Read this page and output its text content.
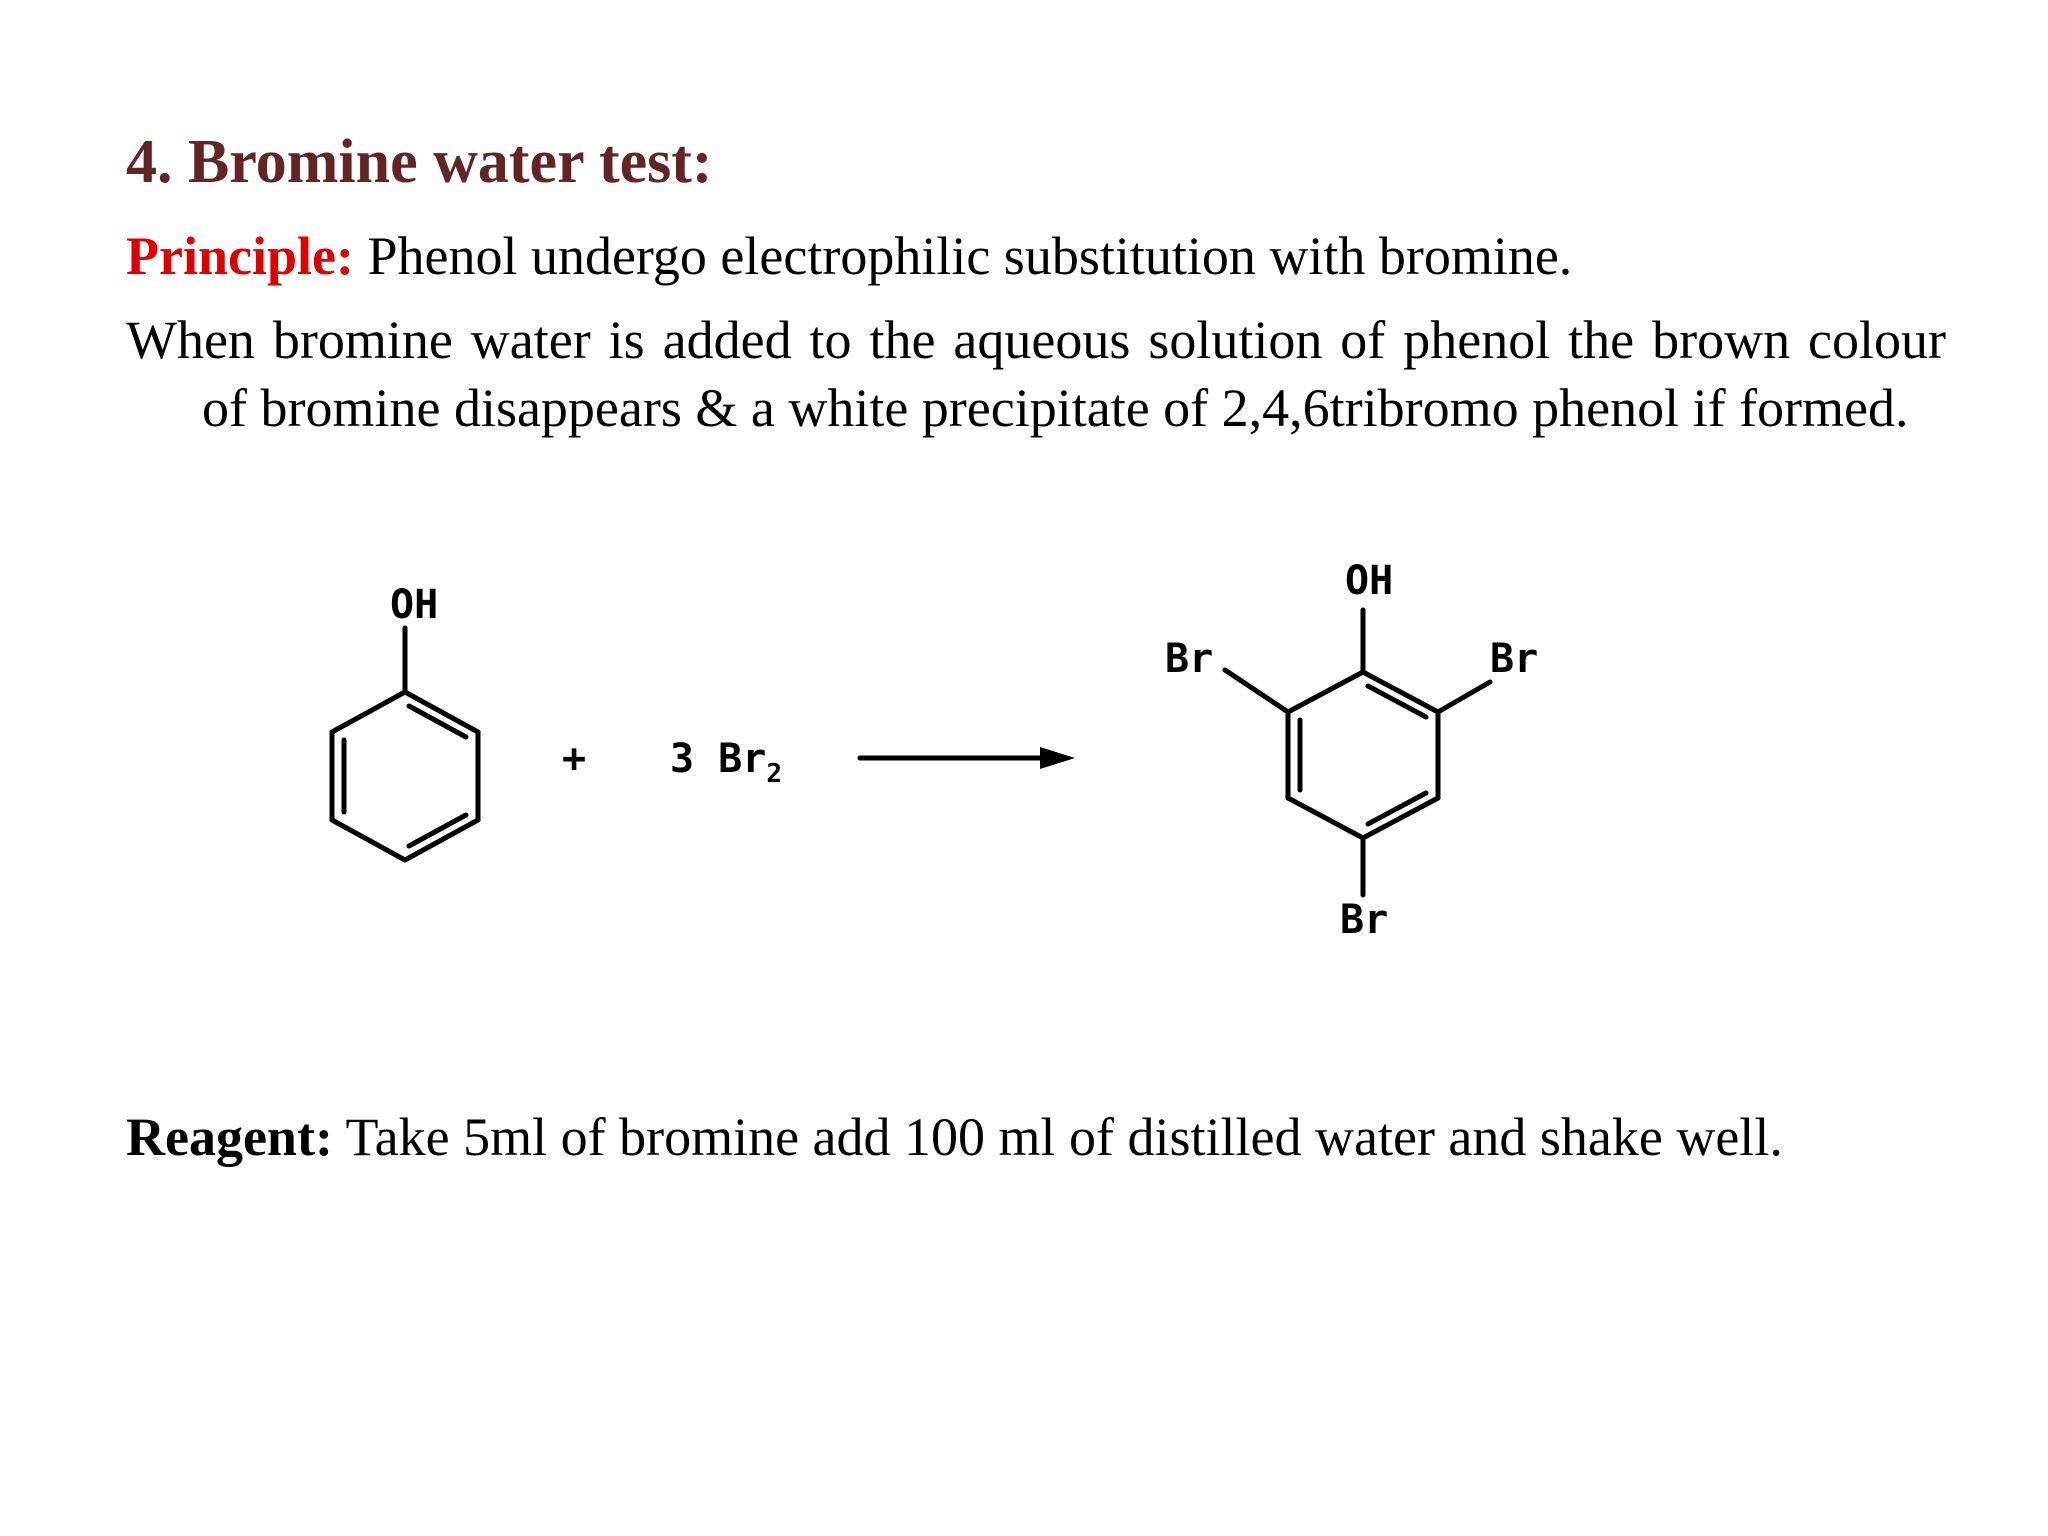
4. Bromine water test:
Principle: Phenol undergo electrophilic substitution with bromine.
When bromine water is added to the aqueous solution of phenol the brown colour of bromine disappears & a white precipitate of 2,4,6tribromo phenol if formed.
+ 3 $Br_2$
OH
OH
Br	Br
Br
Reagent: Take 5ml of bromine add 100 ml of distilled water and shake well.
